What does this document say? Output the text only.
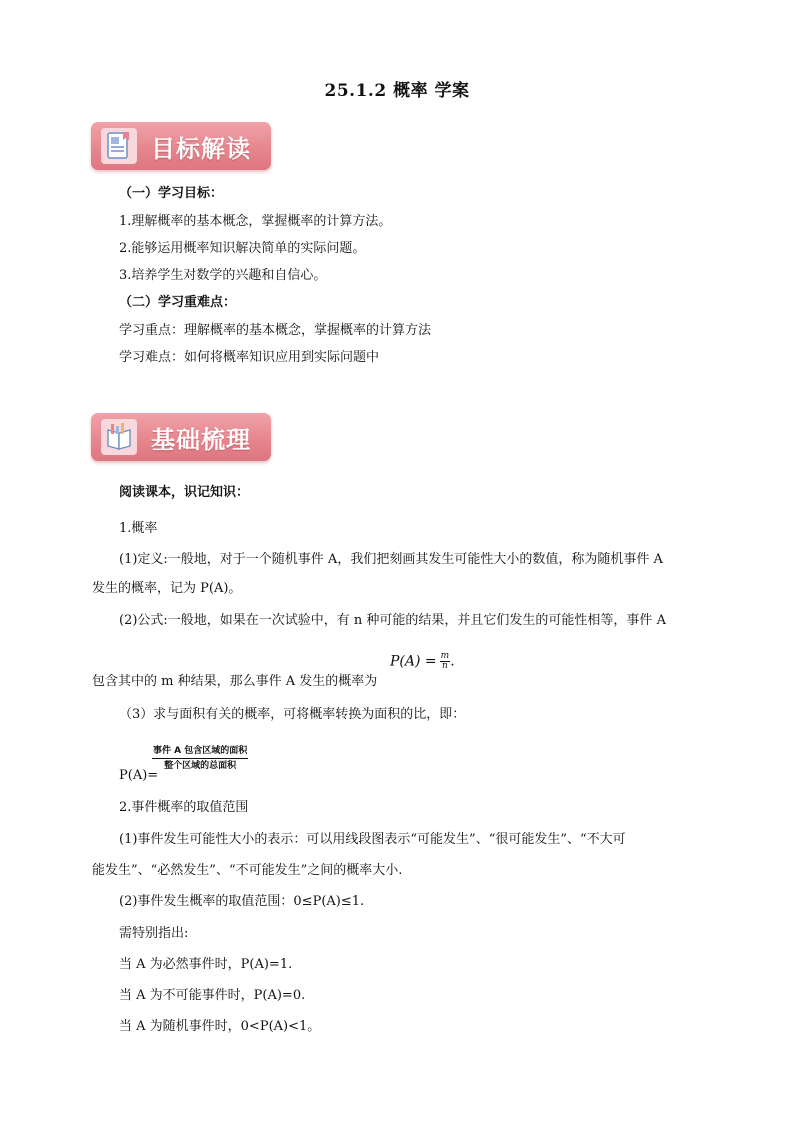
25.1.2 概率 学案
目标解读
（一）学习目标：
1.理解概率的基本概念，掌握概率的计算方法。
2.能够运用概率知识解决简单的实际问题。
3.培养学生对数学的兴趣和自信心。
（二）学习重难点：
学习重点：理解概率的基本概念，掌握概率的计算方法
学习难点：如何将概率知识应用到实际问题中
基础梳理
阅读课本，识记知识：
1.概率
(1)定义:一般地，对于一个随机事件 A，我们把刻画其发生可能性大小的数值，称为随机事件 A
发生的概率，记为 P(A)。
(2)公式:一般地，如果在一次试验中，有 n 种可能的结果，并且它们发生的可能性相等，事件 A
包含其中的 m 种结果，那么事件 A 发生的概率为
$P(A) = \frac{m}{n}$ .
（3）求与面积有关的概率，可将概率转换为面积的比，即：
P(A)=
事件 A 包含区域的面积
整个区域的总面积
2.事件概率的取值范围
(1)事件发生可能性大小的表示：可以用线段图表示“可能发生”、“很可能发生”、“不大可
能发生”、“必然发生”、“不可能发生”之间的概率大小.
(2)事件发生概率的取值范围：0≤P(A)≤1.
需特别指出:
当 A 为必然事件时，P(A)=1.
当 A 为不可能事件时，P(A)=0.
当 A 为随机事件时，0<P(A)<1。
